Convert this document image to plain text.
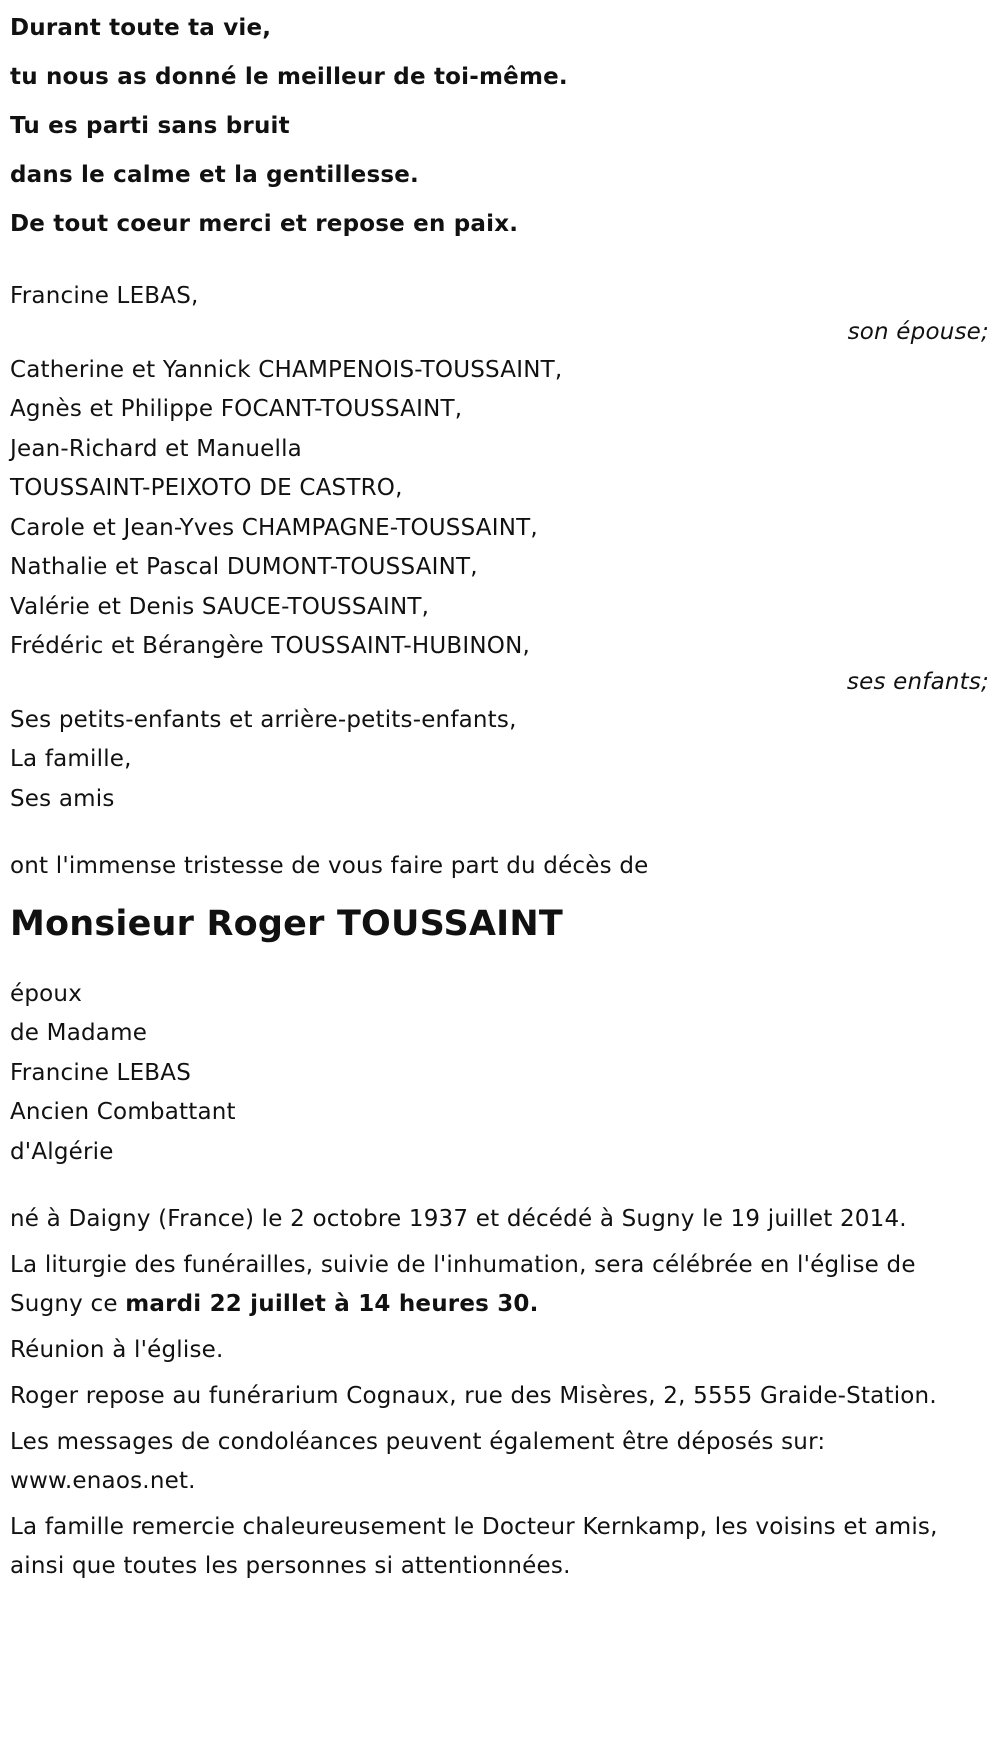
Durant toute ta vie,
tu nous as donné le meilleur de toi-même.
Tu es parti sans bruit
dans le calme et la gentillesse.
De tout coeur merci et repose en paix.
Francine LEBAS,
son épouse;
Catherine et Yannick CHAMPENOIS-TOUSSAINT,
Agnès et Philippe FOCANT-TOUSSAINT,
Jean-Richard et Manuella
TOUSSAINT-PEIXOTO DE CASTRO,
Carole et Jean-Yves CHAMPAGNE-TOUSSAINT,
Nathalie et Pascal DUMONT-TOUSSAINT,
Valérie et Denis SAUCE-TOUSSAINT,
Frédéric et Bérangère TOUSSAINT-HUBINON,
ses enfants;
Ses petits-enfants et arrière-petits-enfants,
La famille,
Ses amis
ont l'immense tristesse de vous faire part du décès de
Monsieur Roger TOUSSAINT
époux
de Madame
Francine LEBAS
Ancien Combattant
d'Algérie
né à Daigny (France) le 2 octobre 1937 et décédé à Sugny le 19 juillet 2014.
La liturgie des funérailles, suivie de l'inhumation, sera célébrée en l'église de Sugny ce mardi 22 juillet à 14 heures 30.
Réunion à l'église.
Roger repose au funérarium Cognaux, rue des Misères, 2, 5555 Graide-Station.
Les messages de condoléances peuvent également être déposés sur: www.enaos.net.
La famille remercie chaleureusement le Docteur Kernkamp, les voisins et amis, ainsi que toutes les personnes si attentionnées.
